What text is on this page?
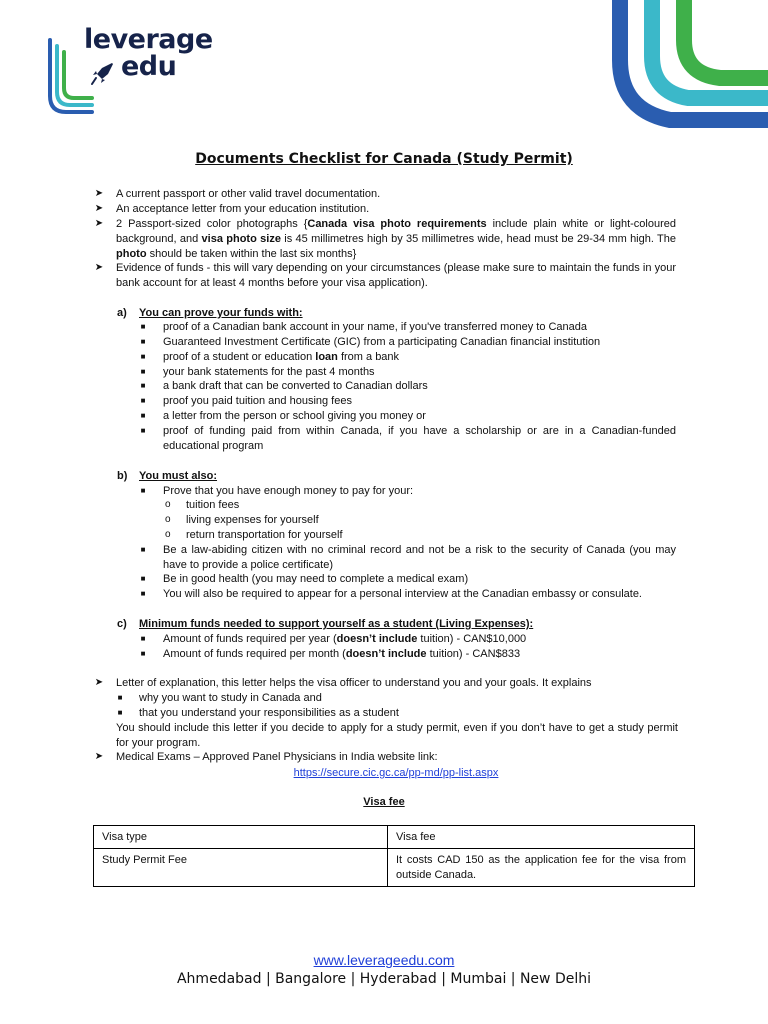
leverage
edu
Documents Checklist for Canada (Study Permit)
➤ A current passport or other valid travel documentation.
➤ An acceptance letter from your education institution.
➤ 2 Passport-sized color photographs {Canada visa photo requirements include plain white or light-coloured background, and visa photo size is 45 millimetres high by 35 millimetres wide, head must be 29-34 mm high. The photo should be taken within the last six months}
➤ Evidence of funds - this will vary depending on your circumstances (please make sure to maintain the funds in your bank account for at least 4 months before your visa application).
a) You can prove your funds with:
■ proof of a Canadian bank account in your name, if you've transferred money to Canada
■ Guaranteed Investment Certificate (GIC) from a participating Canadian financial institution
■ proof of a student or education loan from a bank
■ your bank statements for the past 4 months
■ a bank draft that can be converted to Canadian dollars
■ proof you paid tuition and housing fees
■ a letter from the person or school giving you money or
■ proof of funding paid from within Canada, if you have a scholarship or are in a Canadian-funded educational program
b) You must also:
■ Prove that you have enough money to pay for your:
o tuition fees
o living expenses for yourself
o return transportation for yourself
■ Be a law-abiding citizen with no criminal record and not be a risk to the security of Canada (you may have to provide a police certificate)
■ Be in good health (you may need to complete a medical exam)
■ You will also be required to appear for a personal interview at the Canadian embassy or consulate.
c) Minimum funds needed to support yourself as a student (Living Expenses):
■ Amount of funds required per year (doesn’t include tuition) - CAN$10,000
■ Amount of funds required per month (doesn’t include tuition) - CAN$833
➤ Letter of explanation, this letter helps the visa officer to understand you and your goals. It explains
■ why you want to study in Canada and
■ that you understand your responsibilities as a student
You should include this letter if you decide to apply for a study permit, even if you don’t have to get a study permit for your program.
➤ Medical Exams – Approved Panel Physicians in India website link:
https://secure.cic.gc.ca/pp-md/pp-list.aspx
Visa fee
Visa type	Visa fee
Study Permit Fee	It costs CAD 150 as the application fee for the visa from outside Canada.
www.leverageedu.com
Ahmedabad | Bangalore | Hyderabad | Mumbai | New Delhi
